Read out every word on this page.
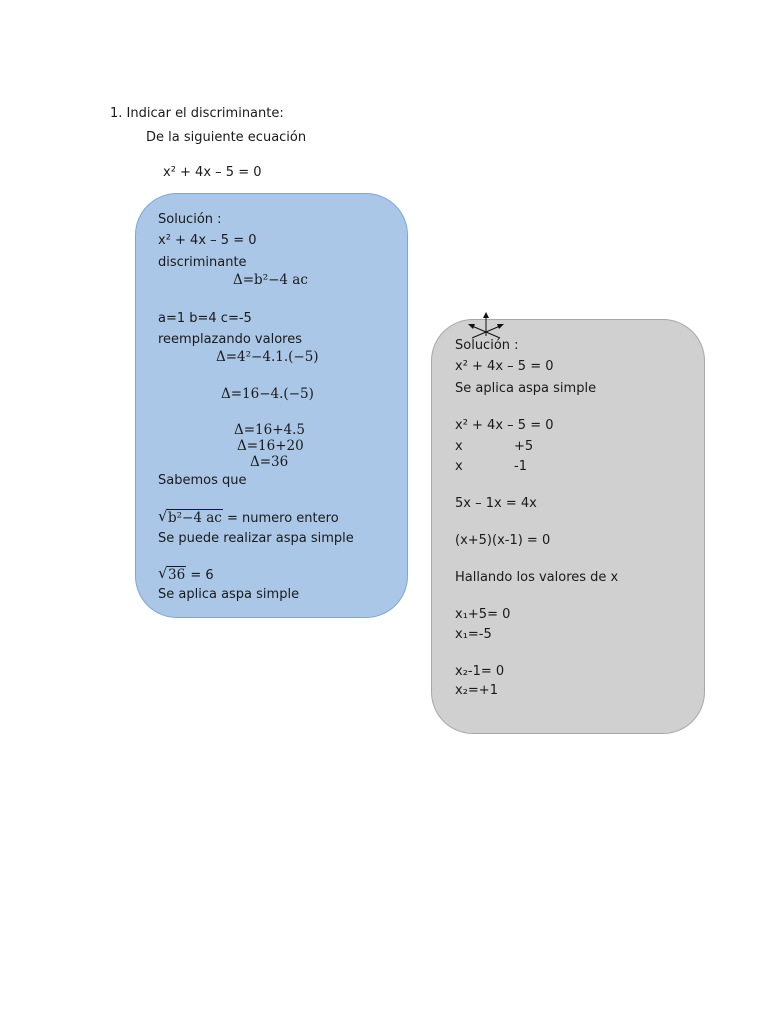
1. Indicar el discriminante:
De la siguiente ecuación
x² + 4x – 5 = 0
Solución :
x² + 4x – 5 = 0
discriminante
Δ=b²−4 ac
a=1 b=4 c=-5
reemplazando valores
Δ=4²−4.1.(−5)
Δ=16−4.(−5)
Δ=16+4.5
Δ=16+20
Δ=36
Sabemos que
√ b²−4 ac = numero entero
Se puede realizar aspa simple
√ 36 = 6
Se aplica aspa simple
Solución :
x² + 4x – 5 = 0
Se aplica aspa simple
x² + 4x – 5 = 0
x	+5
x	-1
5x – 1x = 4x
(x+5)(x-1) = 0
Hallando los valores de x
x₁+5= 0
x₁=-5
x₂-1= 0
x₂=+1
